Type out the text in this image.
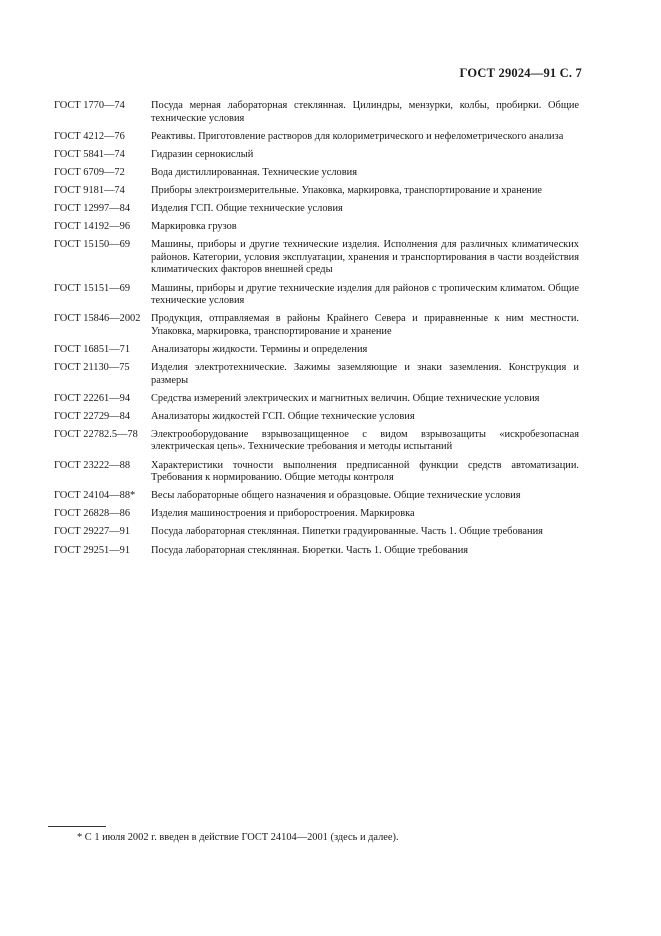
ГОСТ 29024—91 С. 7
ГОСТ 1770—74	Посуда мерная лабораторная стеклянная. Цилиндры, мензурки, колбы, пробирки. Общие технические условия
ГОСТ 4212—76	Реактивы. Приготовление растворов для колориметрического и нефелометрического анализа
ГОСТ 5841—74	Гидразин сернокислый
ГОСТ 6709—72	Вода дистиллированная. Технические условия
ГОСТ 9181—74	Приборы электроизмерительные. Упаковка, маркировка, транспортирование и хранение
ГОСТ 12997—84	Изделия ГСП. Общие технические условия
ГОСТ 14192—96	Маркировка грузов
ГОСТ 15150—69	Машины, приборы и другие технические изделия. Исполнения для различных климатических районов. Категории, условия эксплуатации, хранения и транспортирования в части воздействия климатических факторов внешней среды
ГОСТ 15151—69	Машины, приборы и другие технические изделия для районов с тропическим климатом. Общие технические условия
ГОСТ 15846—2002	Продукция, отправляемая в районы Крайнего Севера и приравненные к ним местности. Упаковка, маркировка, транспортирование и хранение
ГОСТ 16851—71	Анализаторы жидкости. Термины и определения
ГОСТ 21130—75	Изделия электротехнические. Зажимы заземляющие и знаки заземления. Конструкция и размеры
ГОСТ 22261—94	Средства измерений электрических и магнитных величин. Общие технические условия
ГОСТ 22729—84	Анализаторы жидкостей ГСП. Общие технические условия
ГОСТ 22782.5—78	Электрооборудование взрывозащищенное с видом взрывозащиты «искробезопасная электрическая цепь». Технические требования и методы испытаний
ГОСТ 23222—88	Характеристики точности выполнения предписанной функции средств автоматизации. Требования к нормированию. Общие методы контроля
ГОСТ 24104—88*	Весы лабораторные общего назначения и образцовые. Общие технические условия
ГОСТ 26828—86	Изделия машиностроения и приборостроения. Маркировка
ГОСТ 29227—91	Посуда лабораторная стеклянная. Пипетки градуированные. Часть 1. Общие требования
ГОСТ 29251—91	Посуда лабораторная стеклянная. Бюретки. Часть 1. Общие требования
* С 1 июля 2002 г. введен в действие ГОСТ 24104—2001 (здесь и далее).
